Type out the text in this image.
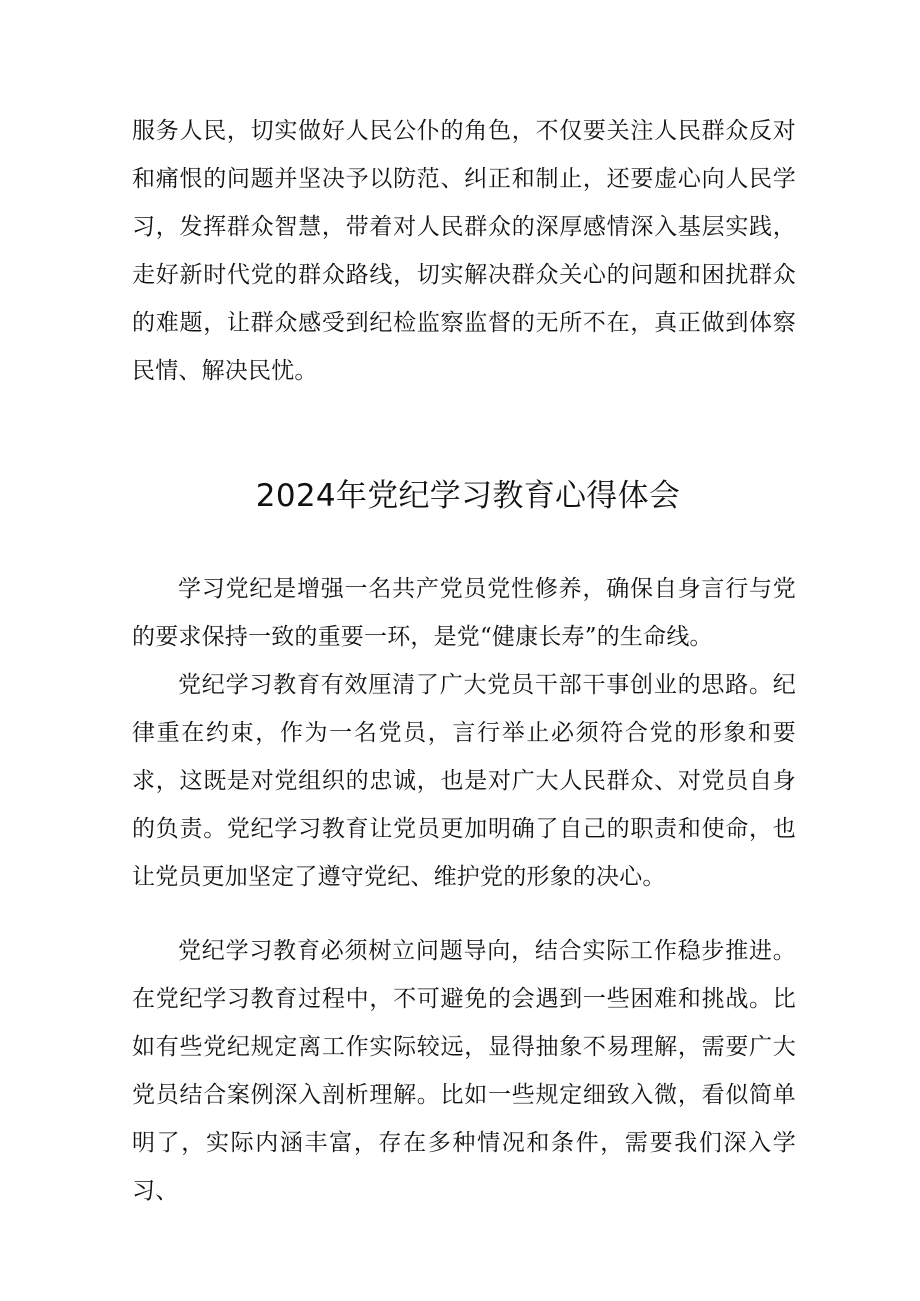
服务人民，切实做好人民公仆的角色，不仅要关注人民群众反对和痛恨的问题并坚决予以防范、纠正和制止，还要虚心向人民学习，发挥群众智慧，带着对人民群众的深厚感情深入基层实践，走好新时代党的群众路线，切实解决群众关心的问题和困扰群众的难题，让群众感受到纪检监察监督的无所不在，真正做到体察民情、解决民忧。

2024年党纪学习教育心得体会

学习党纪是增强一名共产党员党性修养，确保自身言行与党的要求保持一致的重要一环，是党“健康长寿”的生命线。

党纪学习教育有效厘清了广大党员干部干事创业的思路。纪律重在约束，作为一名党员，言行举止必须符合党的形象和要求，这既是对党组织的忠诚，也是对广大人民群众、对党员自身的负责。党纪学习教育让党员更加明确了自己的职责和使命，也让党员更加坚定了遵守党纪、维护党的形象的决心。

党纪学习教育必须树立问题导向，结合实际工作稳步推进。在党纪学习教育过程中，不可避免的会遇到一些困难和挑战。比如有些党纪规定离工作实际较远，显得抽象不易理解，需要广大党员结合案例深入剖析理解。比如一些规定细致入微，看似简单明了，实际内涵丰富，存在多种情况和条件，需要我们深入学习、
